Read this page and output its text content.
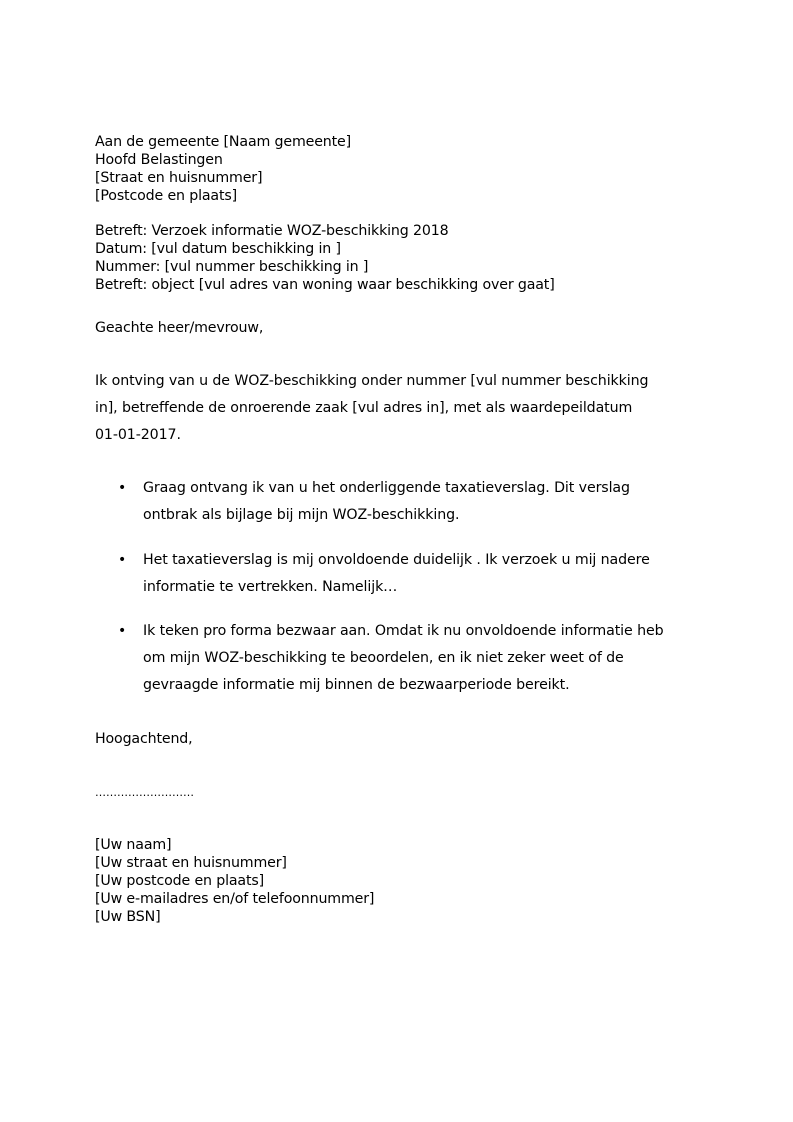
Aan de gemeente [Naam gemeente]
Hoofd Belastingen
[Straat en huisnummer]
[Postcode en plaats]
Betreft: Verzoek informatie WOZ-beschikking 2018
Datum: [vul datum beschikking in ]
Nummer: [vul nummer beschikking in ]
Betreft: object [vul adres van woning waar beschikking over gaat]
Geachte heer/mevrouw,
Ik ontving van u de WOZ-beschikking onder nummer [vul nummer beschikking
in], betreffende de onroerende zaak [vul adres in], met als waardepeildatum
01-01-2017.
• Graag ontvang ik van u het onderliggende taxatieverslag. Dit verslag
ontbrak als bijlage bij mijn WOZ-beschikking.
• Het taxatieverslag is mij onvoldoende duidelijk . Ik verzoek u mij nadere
informatie te vertrekken. Namelijk…
• Ik teken pro forma bezwaar aan. Omdat ik nu onvoldoende informatie heb
om mijn WOZ-beschikking te beoordelen, en ik niet zeker weet of de
gevraagde informatie mij binnen de bezwaarperiode bereikt.
Hoogachtend,
………………………
[Uw naam]
[Uw straat en huisnummer]
[Uw postcode en plaats]
[Uw e-mailadres en/of telefoonnummer]
[Uw BSN]
